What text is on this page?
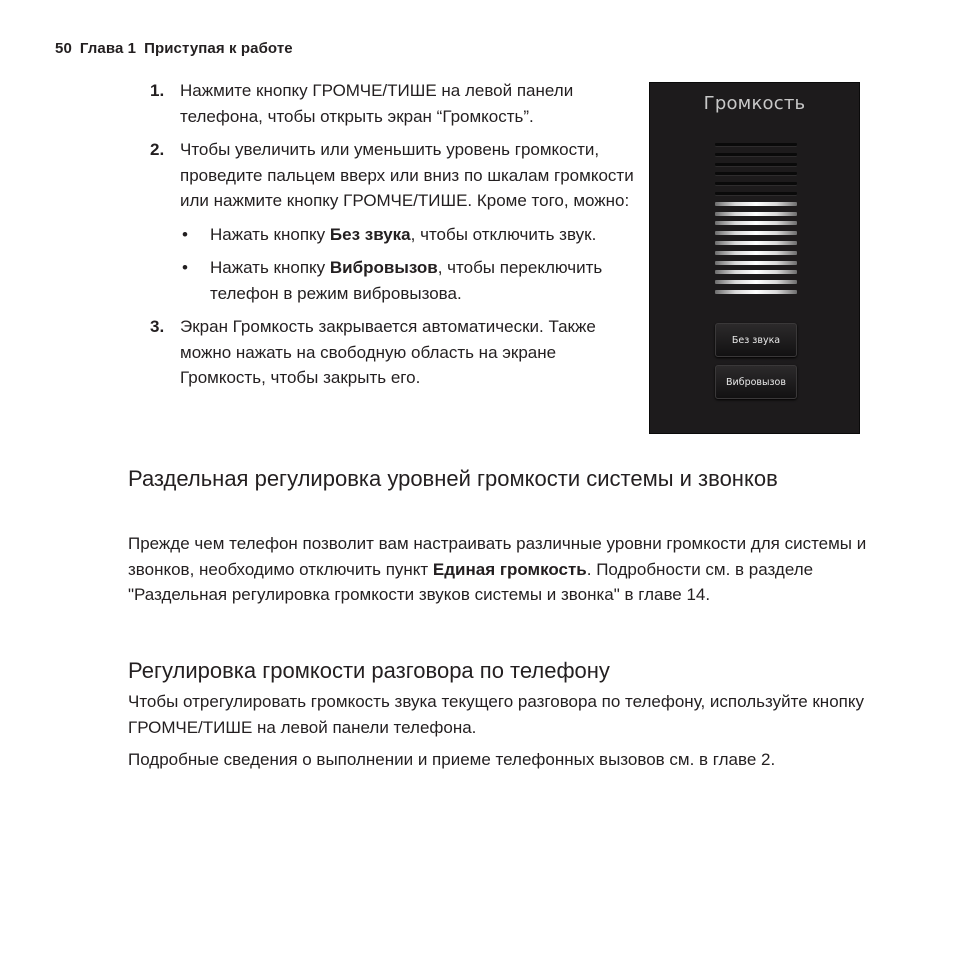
50 Глава 1 Приступая к работе
1. Нажмите кнопку ГРОМЧЕ/ТИШЕ на левой панели телефона, чтобы открыть экран “Громкость”.
2. Чтобы увеличить или уменьшить уровень громкости, проведите пальцем вверх или вниз по шкалам громкости или нажмите кнопку ГРОМЧЕ/ТИШЕ. Кроме того, можно:
• Нажать кнопку Без звука, чтобы отключить звук.
• Нажать кнопку Вибровызов, чтобы переключить телефон в режим вибровызова.
3. Экран Громкость закрывается автоматически. Также можно нажать на свободную область на экране Громкость, чтобы закрыть его.
Громкость
Без звука
Вибровызов
Раздельная регулировка уровней громкости системы и звонков

Прежде чем телефон позволит вам настраивать различные уровни громкости для системы и звонков, необходимо отключить пункт Единая громкость. Подробности см. в разделе "Раздельная регулировка громкости звуков системы и звонка" в главе 14.

Регулировка громкости разговора по телефону

Чтобы отрегулировать громкость звука текущего разговора по телефону, используйте кнопку ГРОМЧЕ/ТИШЕ на левой панели телефона.

Подробные сведения о выполнении и приеме телефонных вызовов см. в главе 2.
